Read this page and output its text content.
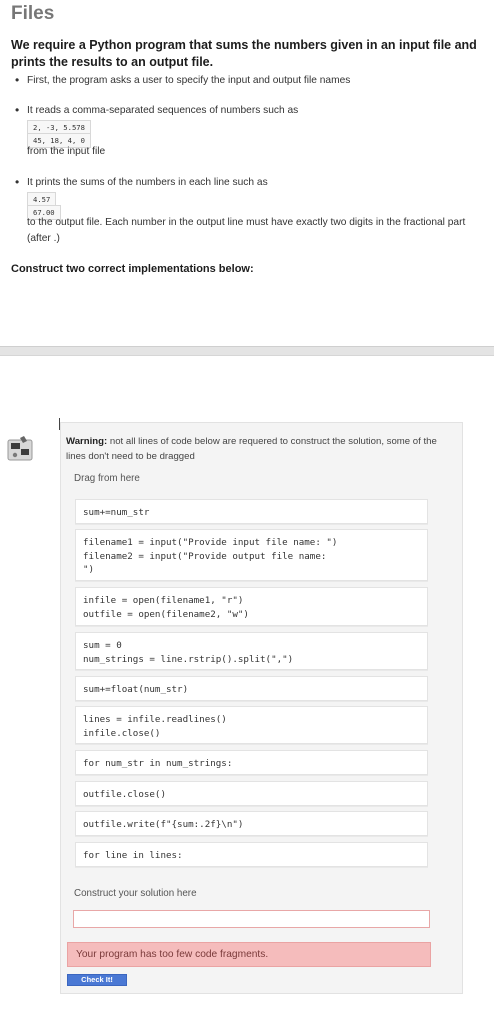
Files
We require a Python program that sums the numbers given in an input file and prints the results to an output file.
• First, the program asks a user to specify the input and output file names
• It reads a comma-separated sequences of numbers such as
2, -3, 5.578
45, 18, 4, 0
from the input file
• It prints the sums of the numbers in each line such as
4.57
67.00
to the output file. Each number in the output line must have exactly two digits in the fractional part (after .)
Construct two correct implementations below:
Warning: not all lines of code below are requered to construct the solution, some of the lines don't need to be dragged
Drag from here
sum+=num_str
filename1 = input("Provide input file name: ")
filename2 = input("Provide output file name:
")
infile = open(filename1, "r")
outfile = open(filename2, "w")
sum = 0
num_strings = line.rstrip().split(",")
sum+=float(num_str)
lines = infile.readlines()
infile.close()
for num_str in num_strings:
outfile.close()
outfile.write(f"{sum:.2f}\n")
for line in lines:
Construct your solution here
Your program has too few code fragments.
Check It!
